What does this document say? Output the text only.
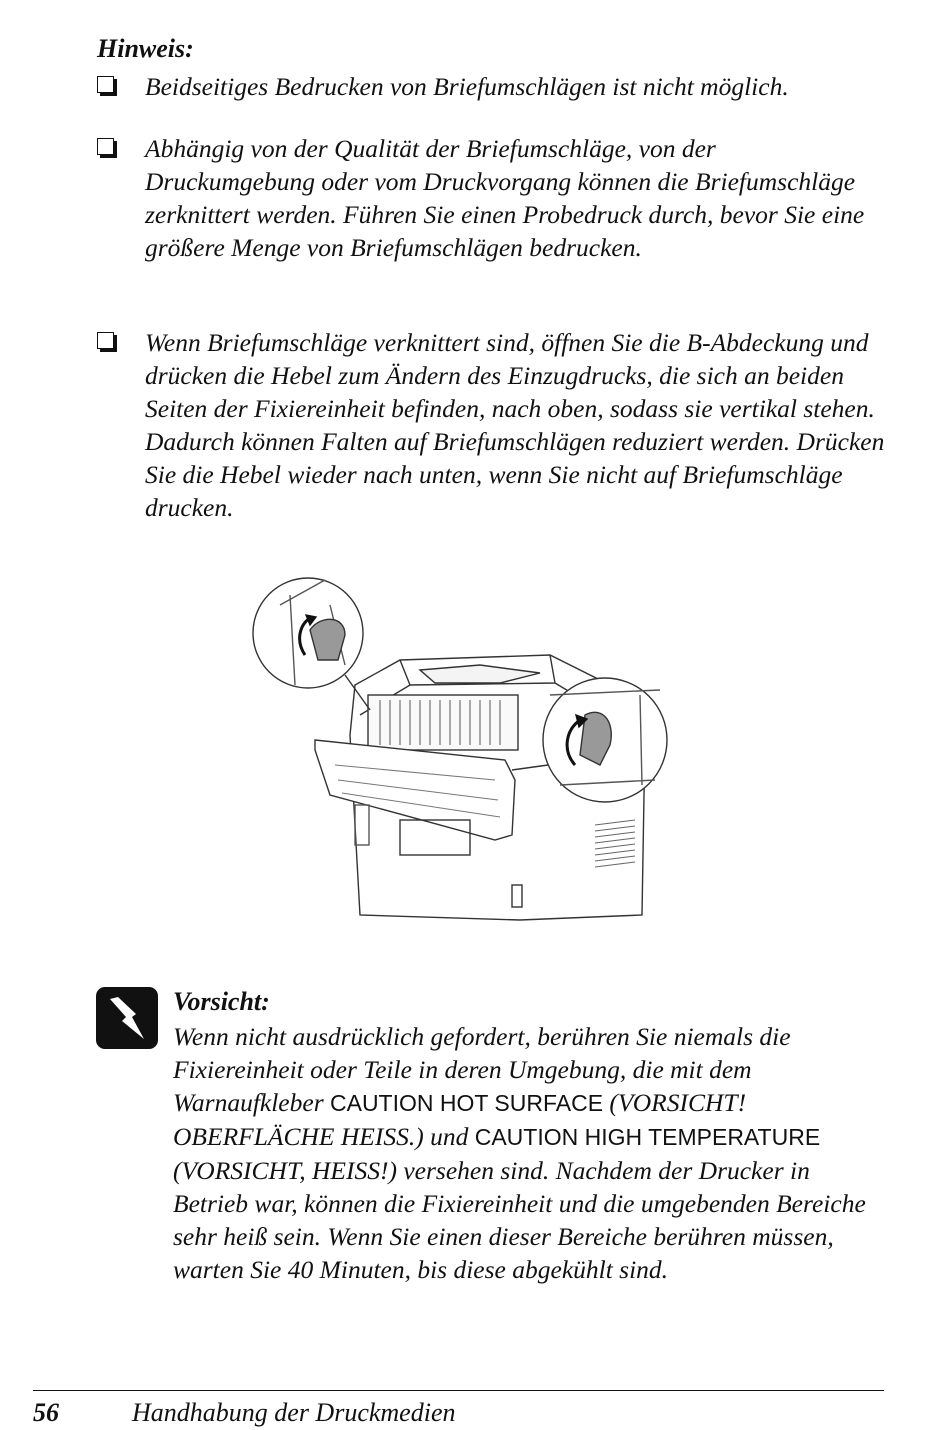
Hinweis:
Beidseitiges Bedrucken von Briefumschlägen ist nicht möglich.
Abhängig von der Qualität der Briefumschläge, von der Druckumgebung oder vom Druckvorgang können die Briefumschläge zerknittert werden. Führen Sie einen Probedruck durch, bevor Sie eine größere Menge von Briefumschlägen bedrucken.
Wenn Briefumschläge verknittert sind, öffnen Sie die B-Abdeckung und drücken die Hebel zum Ändern des Einzugdrucks, die sich an beiden Seiten der Fixiereinheit befinden, nach oben, sodass sie vertikal stehen. Dadurch können Falten auf Briefumschlägen reduziert werden. Drücken Sie die Hebel wieder nach unten, wenn Sie nicht auf Briefumschläge drucken.
Vorsicht:
Wenn nicht ausdrücklich gefordert, berühren Sie niemals die Fixiereinheit oder Teile in deren Umgebung, die mit dem Warnaufkleber CAUTION HOT SURFACE (VORSICHT! OBERFLÄCHE HEISS.) und CAUTION HIGH TEMPERATURE (VORSICHT, HEISS!) versehen sind. Nachdem der Drucker in Betrieb war, können die Fixiereinheit und die umgebenden Bereiche sehr heiß sein. Wenn Sie einen dieser Bereiche berühren müssen, warten Sie 40 Minuten, bis diese abgekühlt sind.
56	Handhabung der Druckmedien
